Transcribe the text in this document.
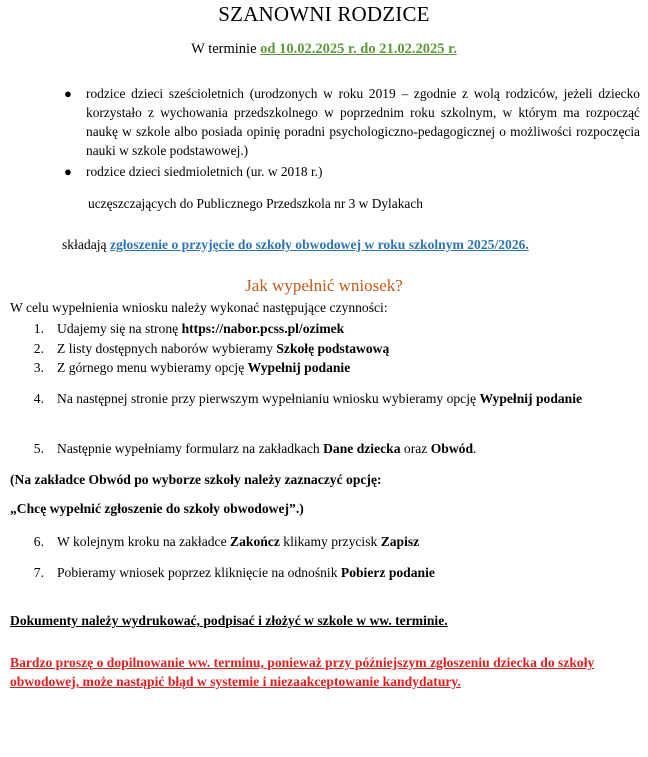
SZANOWNI RODZICE
W terminie od 10.02.2025 r. do 21.02.2025 r.
● rodzice dzieci sześcioletnich (urodzonych w roku 2019 – zgodnie z wolą rodziców, jeżeli dziecko korzystało z wychowania przedszkolnego w poprzednim roku szkolnym, w którym ma rozpocząć naukę w szkole albo posiada opinię poradni psychologiczno-pedagogicznej o możliwości rozpoczęcia nauki w szkole podstawowej.)
● rodzice dzieci siedmioletnich (ur. w 2018 r.)
uczęszczających do Publicznego Przedszkola nr 3 w Dylakach
składają zgłoszenie o przyjęcie do szkoły obwodowej w roku szkolnym 2025/2026.
Jak wypełnić wniosek?
W celu wypełnienia wniosku należy wykonać następujące czynności:
1. Udajemy się na stronę https://nabor.pcss.pl/ozimek
2. Z listy dostępnych naborów wybieramy Szkołę podstawową
3. Z górnego menu wybieramy opcję Wypełnij podanie
4. Na następnej stronie przy pierwszym wypełnianiu wniosku wybieramy opcję Wypełnij podanie
5. Następnie wypełniamy formularz na zakładkach Dane dziecka oraz Obwód.
(Na zakładce Obwód po wyborze szkoły należy zaznaczyć opcję:
„Chcę wypełnić zgłoszenie do szkoły obwodowej”.)
6. W kolejnym kroku na zakładce Zakończ klikamy przycisk Zapisz
7. Pobieramy wniosek poprzez kliknięcie na odnośnik Pobierz podanie
Dokumenty należy wydrukować, podpisać i złożyć w szkole w ww. terminie.
Bardzo proszę o dopilnowanie ww. terminu, ponieważ przy późniejszym zgłoszeniu dziecka do szkoły obwodowej, może nastąpić błąd w systemie i niezaakceptowanie kandydatury.
